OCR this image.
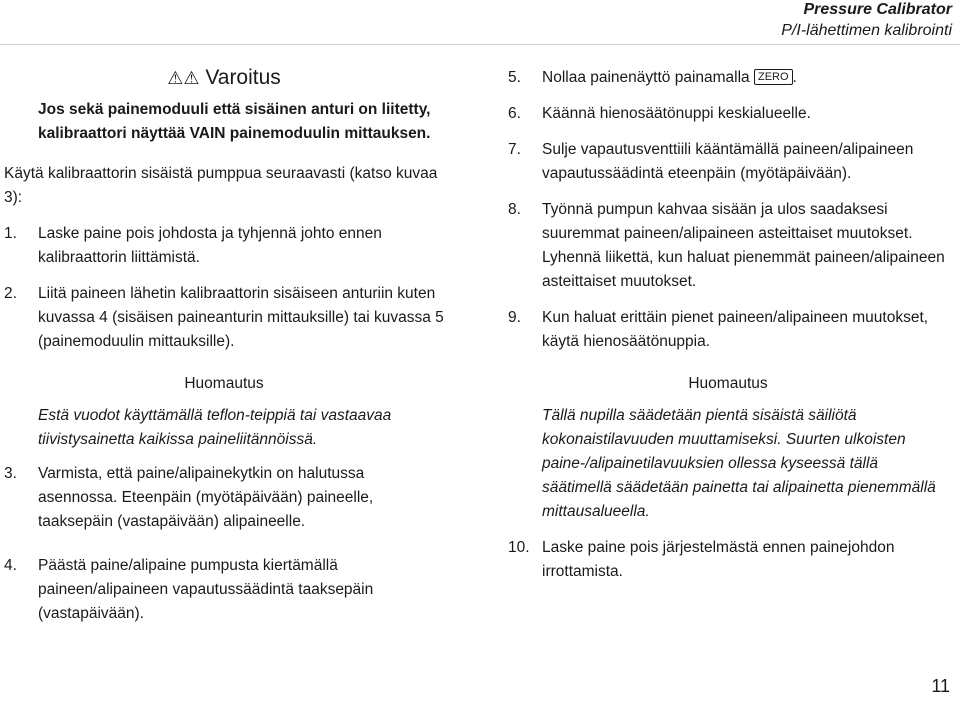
Pressure Calibrator
P/I-lähettimen kalibrointi
⚠⚠ Varoitus

Jos sekä painemoduuli että sisäinen anturi on liitetty, kalibraattori näyttää VAIN painemoduulin mittauksen.

Käytä kalibraattorin sisäistä pumppua seuraavasti (katso kuvaa 3):

1.	Laske paine pois johdosta ja tyhjennä johto ennen kalibraattorin liittämistä.
2.	Liitä paineen lähetin kalibraattorin sisäiseen anturiin kuten kuvassa 4 (sisäisen paineanturin mittauksille) tai kuvassa 5 (painemoduulin mittauksille).

Huomautus

Estä vuodot käyttämällä teflon-teippiä tai vastaavaa tiivistysainetta kaikissa paineliitännöissä.

3.	Varmista, että paine/alipainekytkin on halutussa asennossa. Eteenpäin (myötäpäivään) paineelle, taaksepäin (vastapäivään) alipaineelle.
4.	Päästä paine/alipaine pumpusta kiertämällä paineen/alipaineen vapautussäädintä taaksepäin (vastapäivään).
5.	Nollaa painenäyttö painamalla ZERO .
6.	Käännä hienosäätönuppi keskialueelle.
7.	Sulje vapautusventtiili kääntämällä paineen/alipaineen vapautussäädintä eteenpäin (myötäpäivään).
8.	Työnnä pumpun kahvaa sisään ja ulos saadaksesi suuremmat paineen/alipaineen asteittaiset muutokset. Lyhennä liikettä, kun haluat pienemmät paineen/alipaineen asteittaiset muutokset.
9.	Kun haluat erittäin pienet paineen/alipaineen muutokset, käytä hienosäätönuppia.

Huomautus

Tällä nupilla säädetään pientä sisäistä säiliötä kokonaistilavuuden muuttamiseksi. Suurten ulkoisten paine-/alipainetilavuuksien ollessa kyseessä tällä säätimellä säädetään painetta tai alipainetta pienemmällä mittausalueella.

10. Laske paine pois järjestelmästä ennen painejohdon irrottamista.
11
